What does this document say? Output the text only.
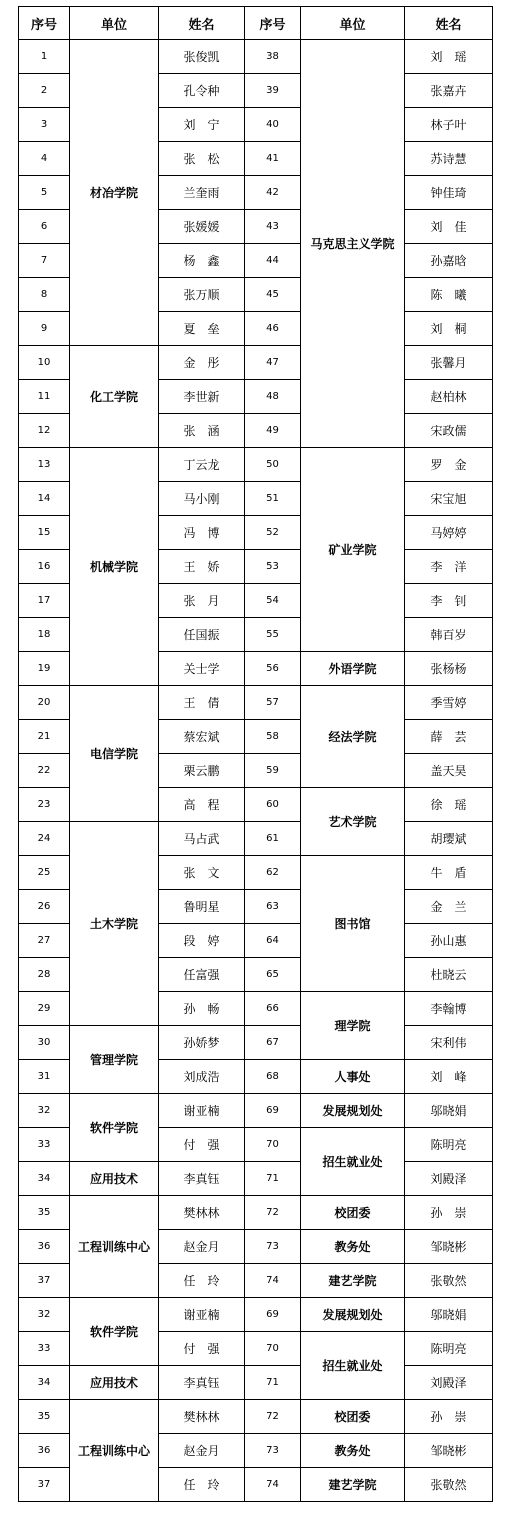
序号	单位	姓名	序号	单位	姓名
1	材冶学院	张俊凯	38	马克思主义学院	刘　瑶
2		孔令种	39		张嘉卉
3		刘　宁	40		林子叶
4		张　松	41		苏诗慧
5		兰奎雨	42		钟佳琦
6		张媛媛	43		刘　佳
7		杨　鑫	44		孙嘉晗
8		张万顺	45		陈　曦
9		夏　垒	46		刘　桐
10	化工学院	金　彤	47		张馨月
11		李世新	48		赵柏林
12		张　涵	49		宋政儒
13	机械学院	丁云龙	50	矿业学院	罗　金
14		马小刚	51		宋宝旭
15		冯　博	52		马婷婷
16		王　娇	53		李　洋
17		张　月	54		李　钊
18		任国振	55		韩百岁
19		关士学	56	外语学院	张杨杨
20	电信学院	王　倩	57	经法学院	季雪婷
21		蔡宏斌	58		薛　芸
22		栗云鹏	59		盖天昊
23		高　程	60	艺术学院	徐　瑶
24	土木学院	马占武	61		胡璎斌
25		张　文	62	图书馆	牛　盾
26		鲁明星	63		金　兰
27		段　婷	64		孙山惠
28		任富强	65		杜晓云
29		孙　畅	66	理学院	李翰博
30	管理学院	孙娇梦	67		宋利伟
31		刘成浩	68	人事处	刘　峰
32	软件学院	谢亚楠	69	发展规划处	邬晓娟
33		付　强	70	招生就业处	陈明亮
34	应用技术	李真钰	71		刘殿泽
35	工程训练中心	樊林林	72	校团委	孙　崇
36		赵金月	73	教务处	邹晓彬
37		任　玲	74	建艺学院	张敬然
32	软件学院	谢亚楠	69	发展规划处	邬晓娟
33		付　强	70	招生就业处	陈明亮
34	应用技术	李真钰	71		刘殿泽
35	工程训练中心	樊林林	72	校团委	孙　崇
36		赵金月	73	教务处	邹晓彬
37		任　玲	74	建艺学院	张敬然
